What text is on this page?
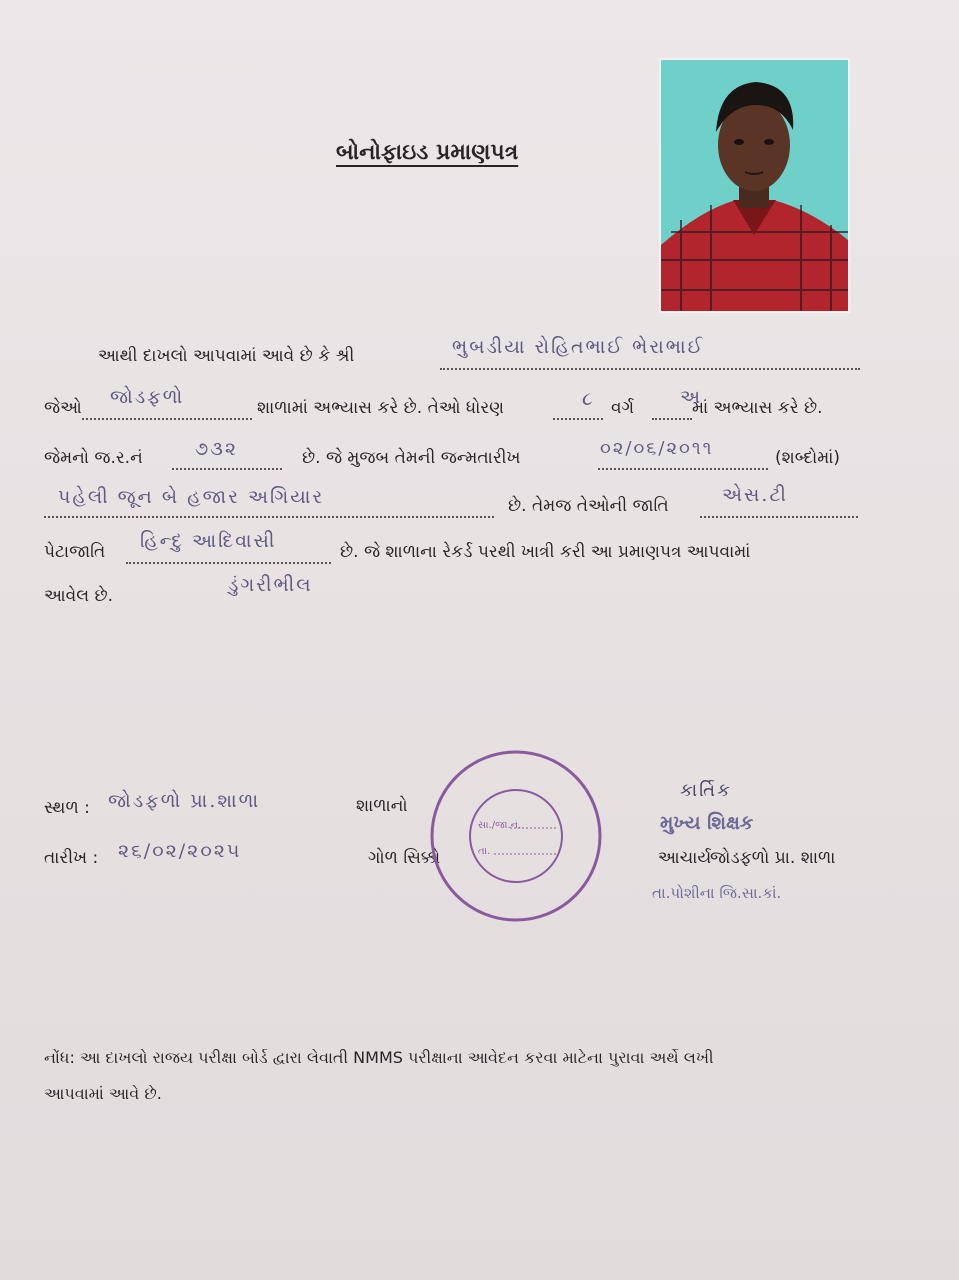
બોનોફાઇડ પ્રમાણપત્ર
આથી દાખલો આપવામાં આવે છે કે શ્રી	ભુબડીયા રોહિતભાઈ ભેરાભાઈ
જેઓ જોડફળો	શાળામાં અભ્યાસ કરે છે. તેઓ ધોરણ	૮ વર્ગ અ
માં અભ્યાસ કરે છે.
જેમનો જ.ર.નં	૭૩૨	છે. જે મુજબ તેમની જન્મતારીખ	૦૨/૦૬/૨૦૧૧	(શબ્દોમાં)
પહેલી જૂન બે હજાર અગિયાર	છે. તેમજ તેઓની જાતિ	એસ.ટી
પેટાજાતિ હિન્દુ આદિવાસી	છે. જે શાળાના રેકર્ડ પરથી ખાત્રી કરી આ પ્રમાણપત્ર આપવામાં
ડુંગરીભીલ
આવેલ છે.
સ્થળ : જોડફળો પ્રા.શાળા
તારીખ : ૨૬/૦૨/૨૦૨૫
શાળાનો
ગોળ સિક્કો
સા./જા.નં.
તા.
કાર્તિક
મુખ્ય શિક્ષક
આચાર્ય
જોડફળો પ્રા. શાળા
તા.પોશીના જિ.સા.કાં.
નોંધ: આ દાખલો રાજય પરીક્ષા બોર્ડ દ્વારા લેવાતી NMMS પરીક્ષાના આવેદન કરવા માટેના પુરાવા અર્થે લખી
આપવામાં આવે છે.
